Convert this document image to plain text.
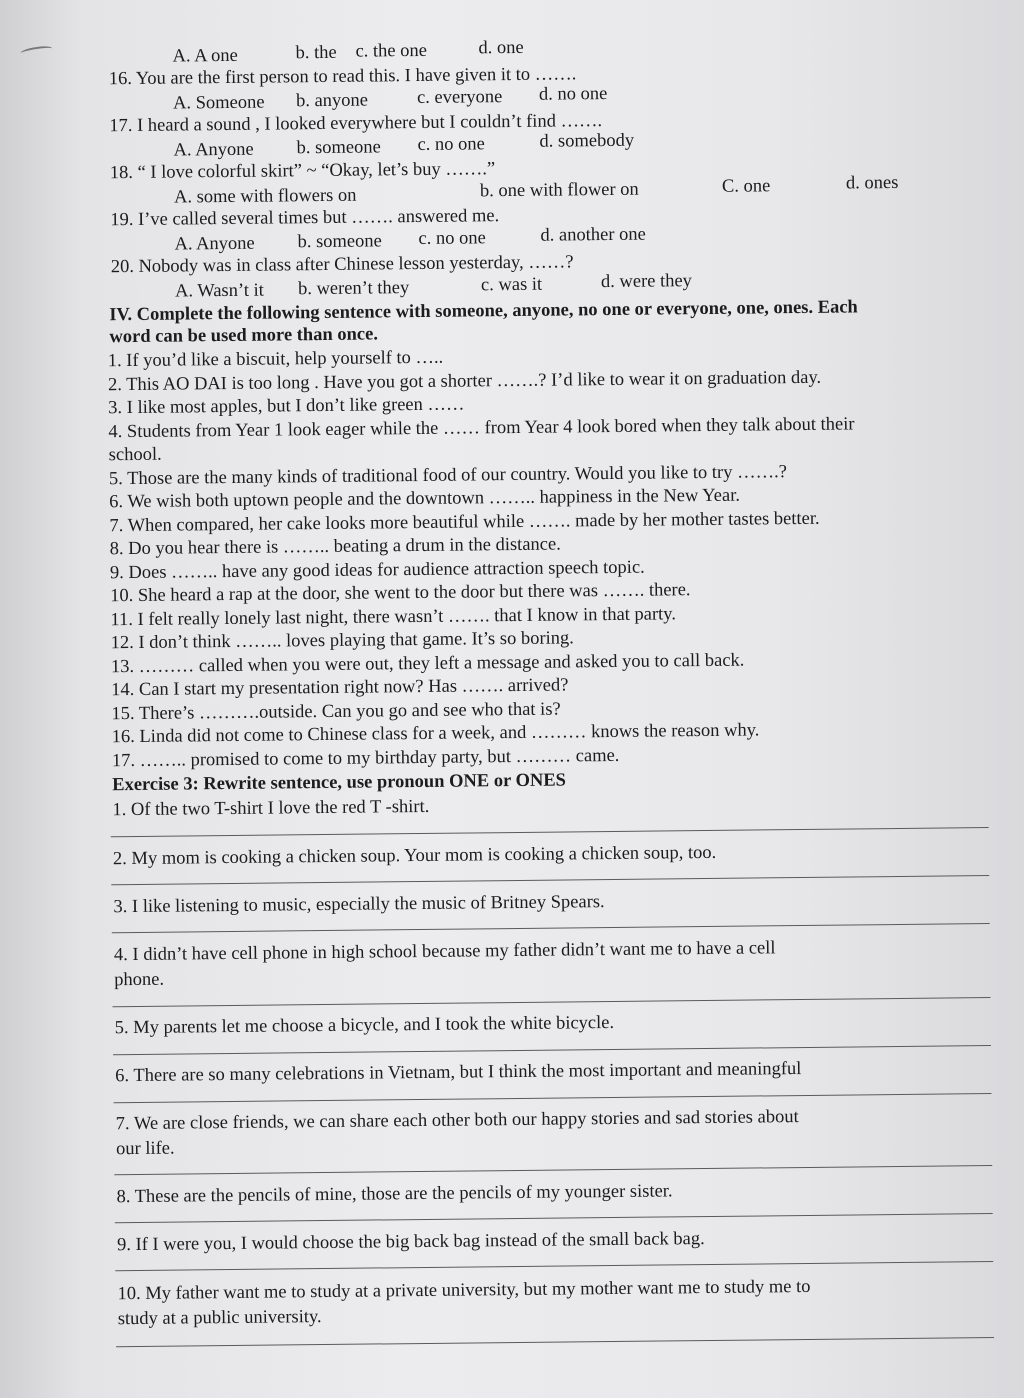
A. A one	b. the c. the one	d. one
16. You are the first person to read this. I have given it to …….
A. Someone b. anyone	c. everyone d. no one
17. I heard a sound , I looked everywhere but I couldn’t find …….
A. Anyone b. someone c. no one	d. somebody
18. “ I love colorful skirt” ~ “Okay, let’s buy …….”
A. some with flowers on	b. one with flower on	C. one	d. ones
19. I’ve called several times but ……. answered me.
A. Anyone b. someone c. no one	d. another one
20. Nobody was in class after Chinese lesson yesterday, ……?
A. Wasn’t it b. weren’t they	c. was it	d. were they
IV. Complete the following sentence with someone, anyone, no one or everyone, one, ones. Each
word can be used more than once.
1. If you’d like a biscuit, help yourself to …..
2. This AO DAI is too long . Have you got a shorter …….? I’d like to wear it on graduation day.
3. I like most apples, but I don’t like green ……
4. Students from Year 1 look eager while the …… from Year 4 look bored when they talk about their
school.
5. Those are the many kinds of traditional food of our country. Would you like to try …….?
6. We wish both uptown people and the downtown …….. happiness in the New Year.
7. When compared, her cake looks more beautiful while ……. made by her mother tastes better.
8. Do you hear there is …….. beating a drum in the distance.
9. Does …….. have any good ideas for audience attraction speech topic.
10. She heard a rap at the door, she went to the door but there was ……. there.
11. I felt really lonely last night, there wasn’t ……. that I know in that party.
12. I don’t think …….. loves playing that game. It’s so boring.
13. ……… called when you were out, they left a message and asked you to call back.
14. Can I start my presentation right now? Has ……. arrived?
15. There’s ……….outside. Can you go and see who that is?
16. Linda did not come to Chinese class for a week, and ……… knows the reason why.
17. …….. promised to come to my birthday party, but ……… came.
Exercise 3: Rewrite sentence, use pronoun ONE or ONES
1. Of the two T-shirt I love the red T -shirt.
2. My mom is cooking a chicken soup. Your mom is cooking a chicken soup, too.
3. I like listening to music, especially the music of Britney Spears.
4. I didn’t have cell phone in high school because my father didn’t want me to have a cell
phone.
5. My parents let me choose a bicycle, and I took the white bicycle.
6. There are so many celebrations in Vietnam, but I think the most important and meaningful
7. We are close friends, we can share each other both our happy stories and sad stories about
our life.
8. These are the pencils of mine, those are the pencils of my younger sister.
9. If I were you, I would choose the big back bag instead of the small back bag.
10. My father want me to study at a private university, but my mother want me to study me to
study at a public university.
